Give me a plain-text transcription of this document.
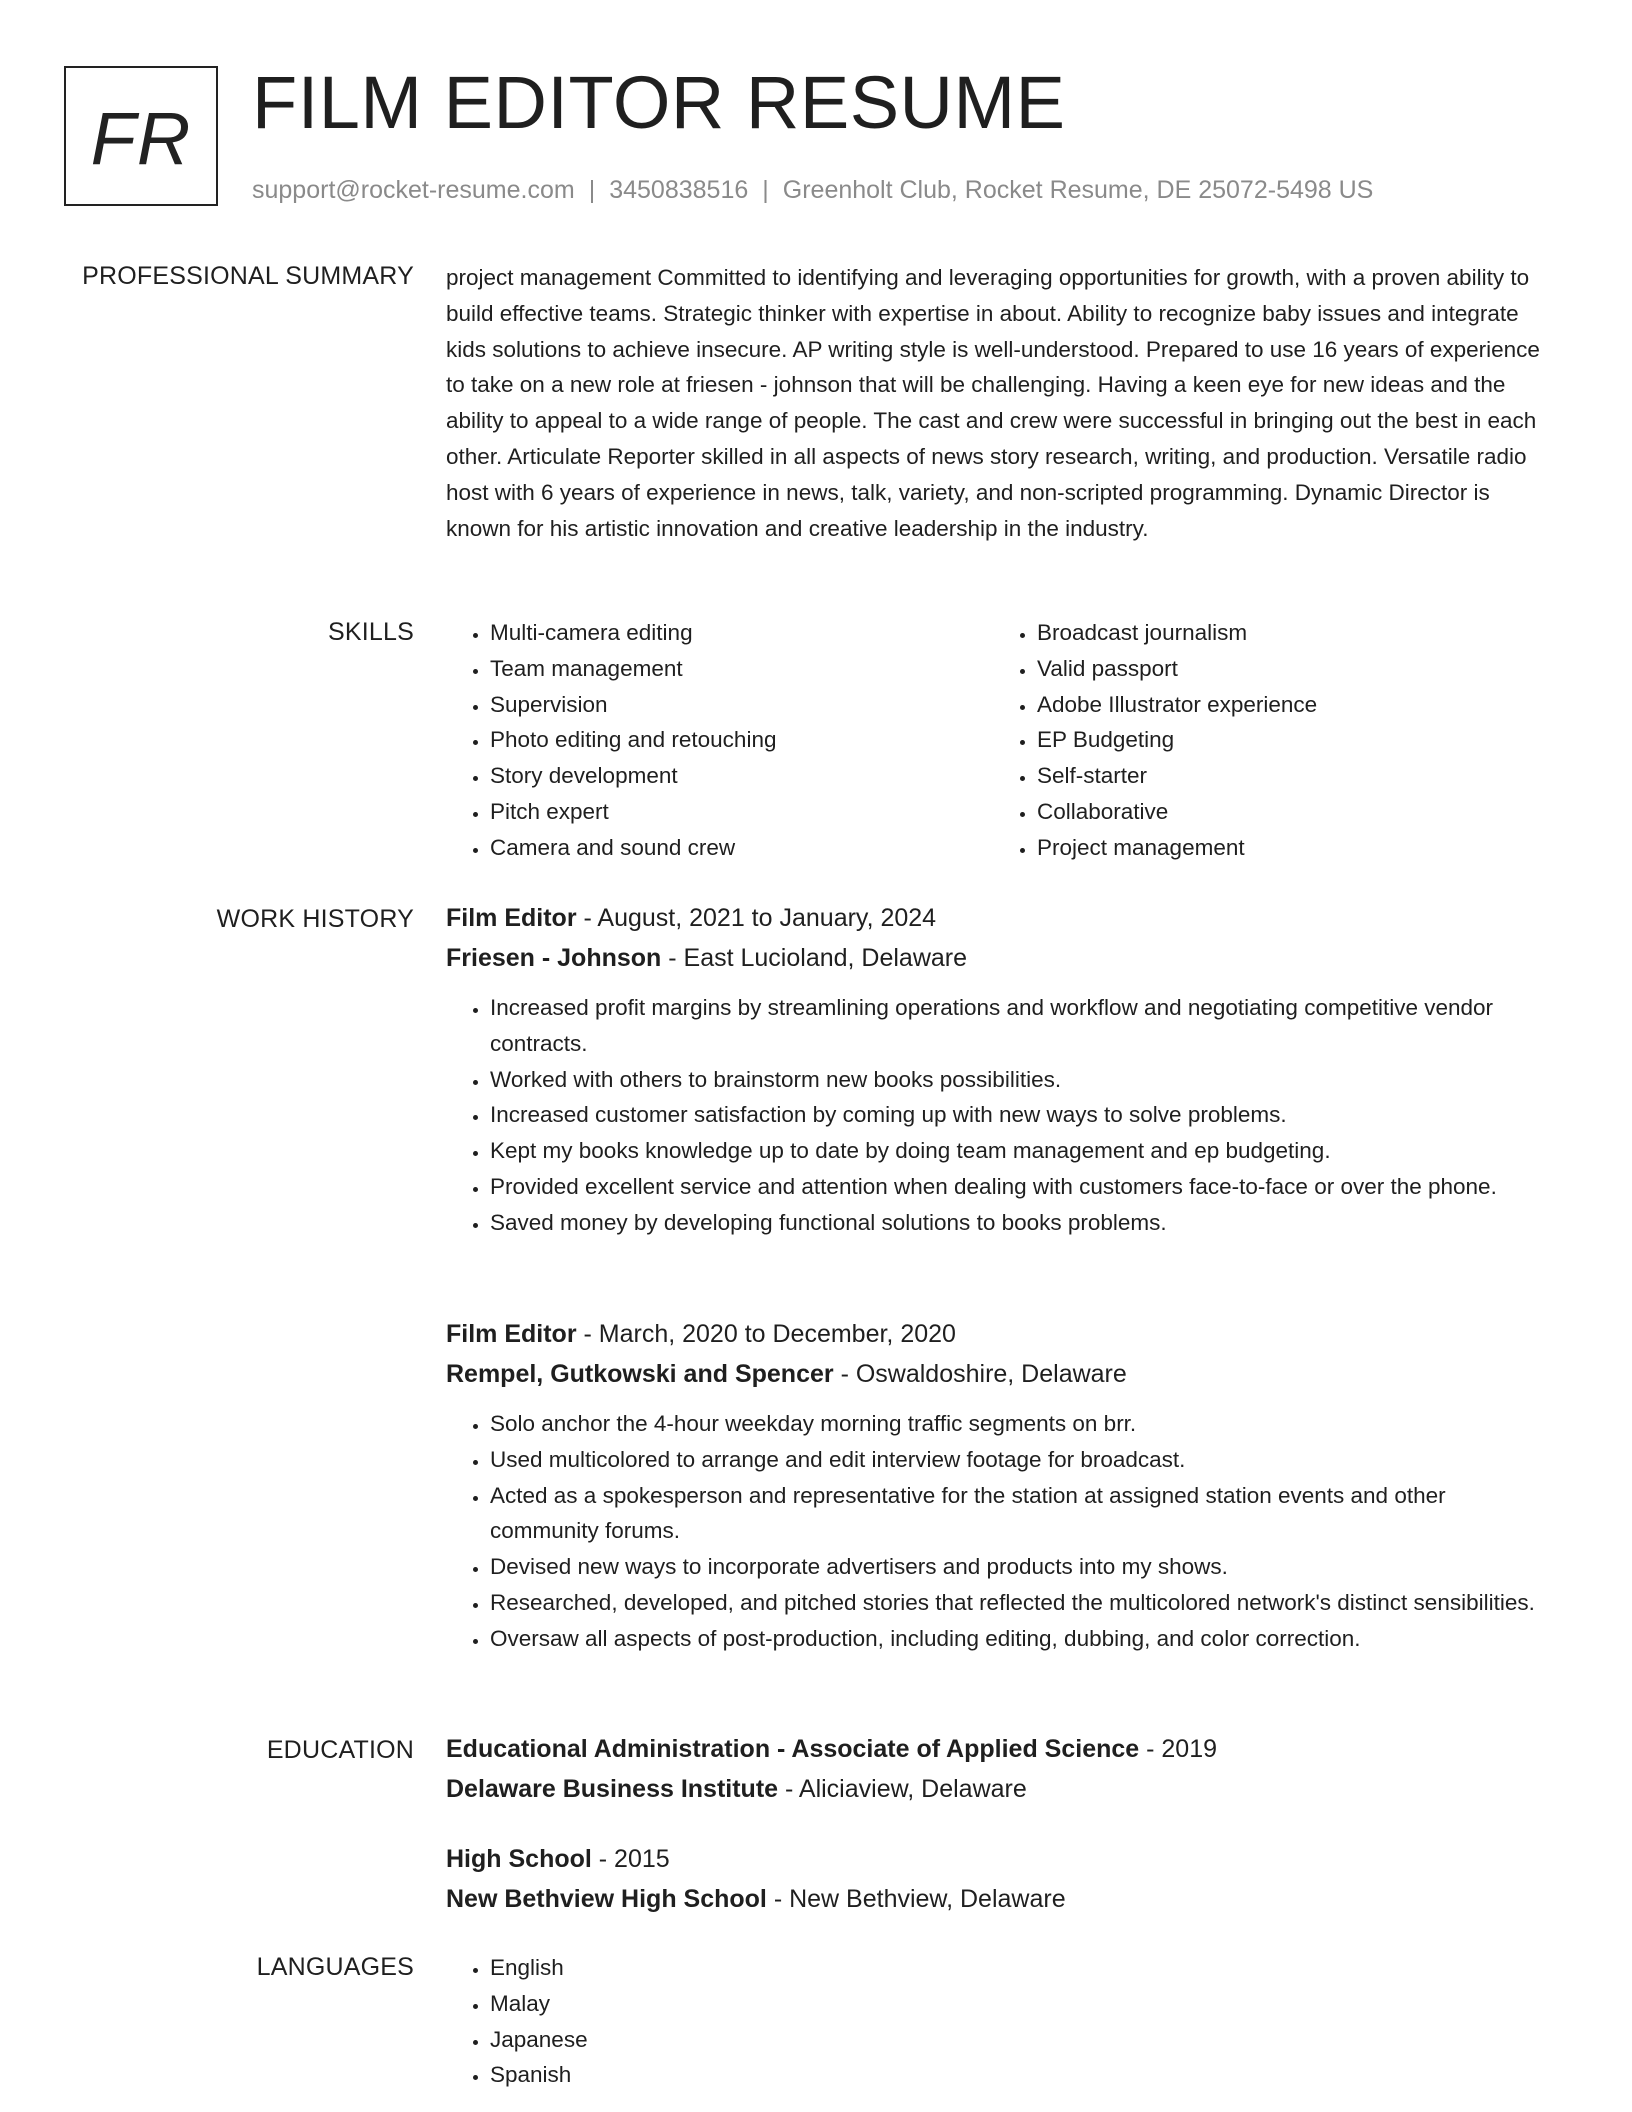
FR FILM EDITOR RESUME
support@rocket-resume.com | 3450838516 | Greenholt Club, Rocket Resume, DE 25072-5498 US
PROFESSIONAL SUMMARY project management Committed to identifying and leveraging opportunities for growth, with a proven ability to build effective teams. Strategic thinker with expertise in about. Ability to recognize baby issues and integrate kids solutions to achieve insecure. AP writing style is well-understood. Prepared to use 16 years of experience to take on a new role at friesen - johnson that will be challenging. Having a keen eye for new ideas and the ability to appeal to a wide range of people. The cast and crew were successful in bringing out the best in each other. Articulate Reporter skilled in all aspects of news story research, writing, and production. Versatile radio host with 6 years of experience in news, talk, variety, and non-scripted programming. Dynamic Director is known for his artistic innovation and creative leadership in the industry.

SKILLS	• Multi-camera editing
• Team management
• Supervision
• Photo editing and retouching
• Story development
• Pitch expert
• Camera and sound crew
• Broadcast journalism
• Valid passport
• Adobe Illustrator experience
• EP Budgeting
• Self-starter
• Collaborative
• Project management
WORK HISTORY Film Editor - August, 2021 to January, 2024
Friesen - Johnson - East Lucioland, Delaware
• Increased profit margins by streamlining operations and workflow and negotiating competitive vendor contracts.
• Worked with others to brainstorm new books possibilities.
• Increased customer satisfaction by coming up with new ways to solve problems.
• Kept my books knowledge up to date by doing team management and ep budgeting.
• Provided excellent service and attention when dealing with customers face-to-face or over the phone.
• Saved money by developing functional solutions to books problems.
Film Editor - March, 2020 to December, 2020
Rempel, Gutkowski and Spencer - Oswaldoshire, Delaware
• Solo anchor the 4-hour weekday morning traffic segments on brr.
• Used multicolored to arrange and edit interview footage for broadcast.
• Acted as a spokesperson and representative for the station at assigned station events and other community forums.
• Devised new ways to incorporate advertisers and products into my shows.
• Researched, developed, and pitched stories that reflected the multicolored network's distinct sensibilities.
• Oversaw all aspects of post-production, including editing, dubbing, and color correction.
EDUCATION Educational Administration - Associate of Applied Science - 2019
Delaware Business Institute - Aliciaview, Delaware
High School - 2015
New Bethview High School - New Bethview, Delaware
LANGUAGES	• English
• Malay
• Japanese
• Spanish
